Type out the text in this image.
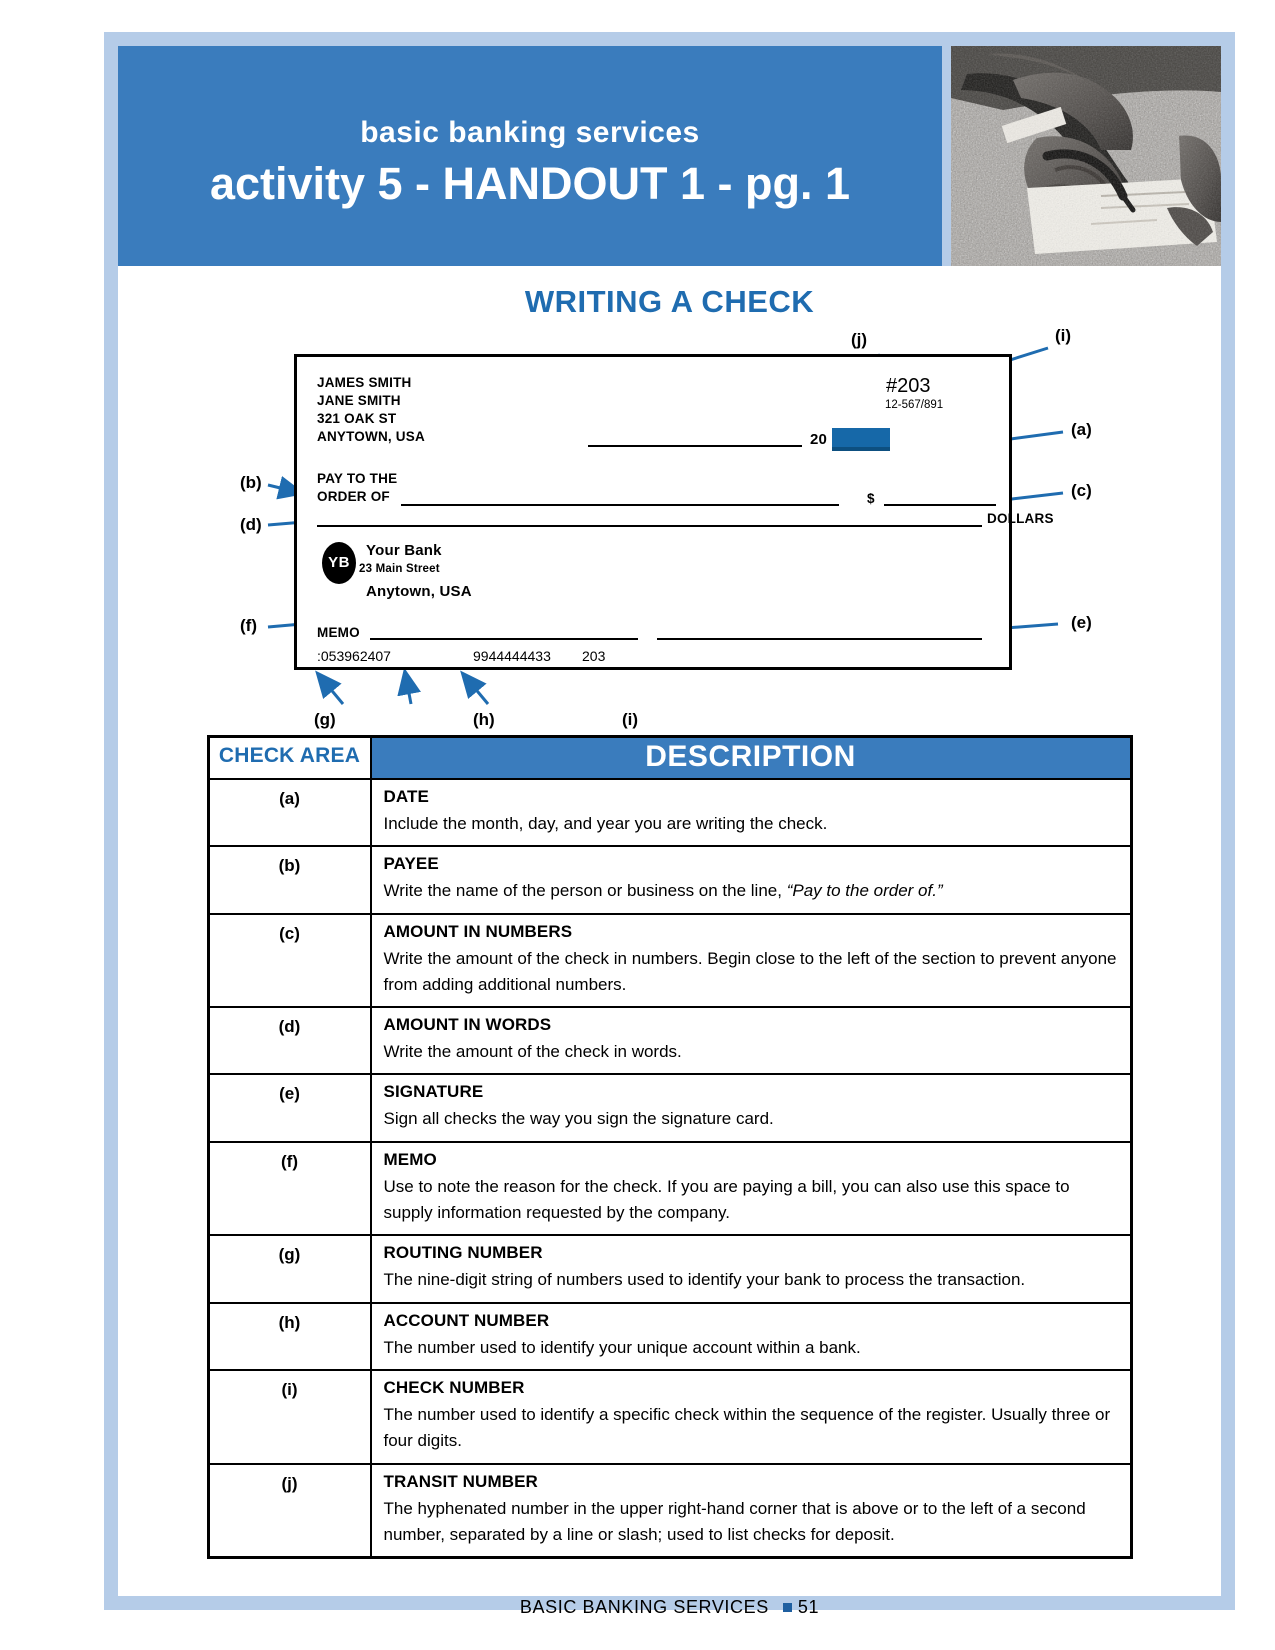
basic banking services
activity 5 - HANDOUT 1 - pg. 1
WRITING A CHECK
(j)	(i)
(a)
(c)
(b)
(d)
(f)	(e)
(g)	(h)	(i)
JAMES SMITH
JANE SMITH
321 OAK ST
ANYTOWN, USA
#203
12-567/891
20
PAY TO THE
ORDER OF	$
DOLLARS
YB
Your Bank
23 Main Street
Anytown, USA
MEMO
:053962407	9944444433 203
CHECK AREA	DESCRIPTION
(a)	DATE
Include the month, day, and year you are writing the check.

(b)	PAYEE
Write the name of the person or business on the line, “Pay to the order of.”

(c)	AMOUNT IN NUMBERS
Write the amount of the check in numbers. Begin close to the left of the section to prevent anyone from adding additional numbers.

(d)	AMOUNT IN WORDS
Write the amount of the check in words.

(e)	SIGNATURE
Sign all checks the way you sign the signature card.

(f)	MEMO
Use to note the reason for the check. If you are paying a bill, you can also use this space to supply information requested by the company.

(g)	ROUTING NUMBER
The nine-digit string of numbers used to identify your bank to process the transaction.

(h)	ACCOUNT NUMBER
The number used to identify your unique account within a bank.

(i)	CHECK NUMBER
The number used to identify a specific check within the sequence of the register. Usually three or four digits.

(j)	TRANSIT NUMBER
The hyphenated number in the upper right-hand corner that is above or to the left of a second number, separated by a line or slash; used to list checks for deposit.
BASIC BANKING SERVICES 51
